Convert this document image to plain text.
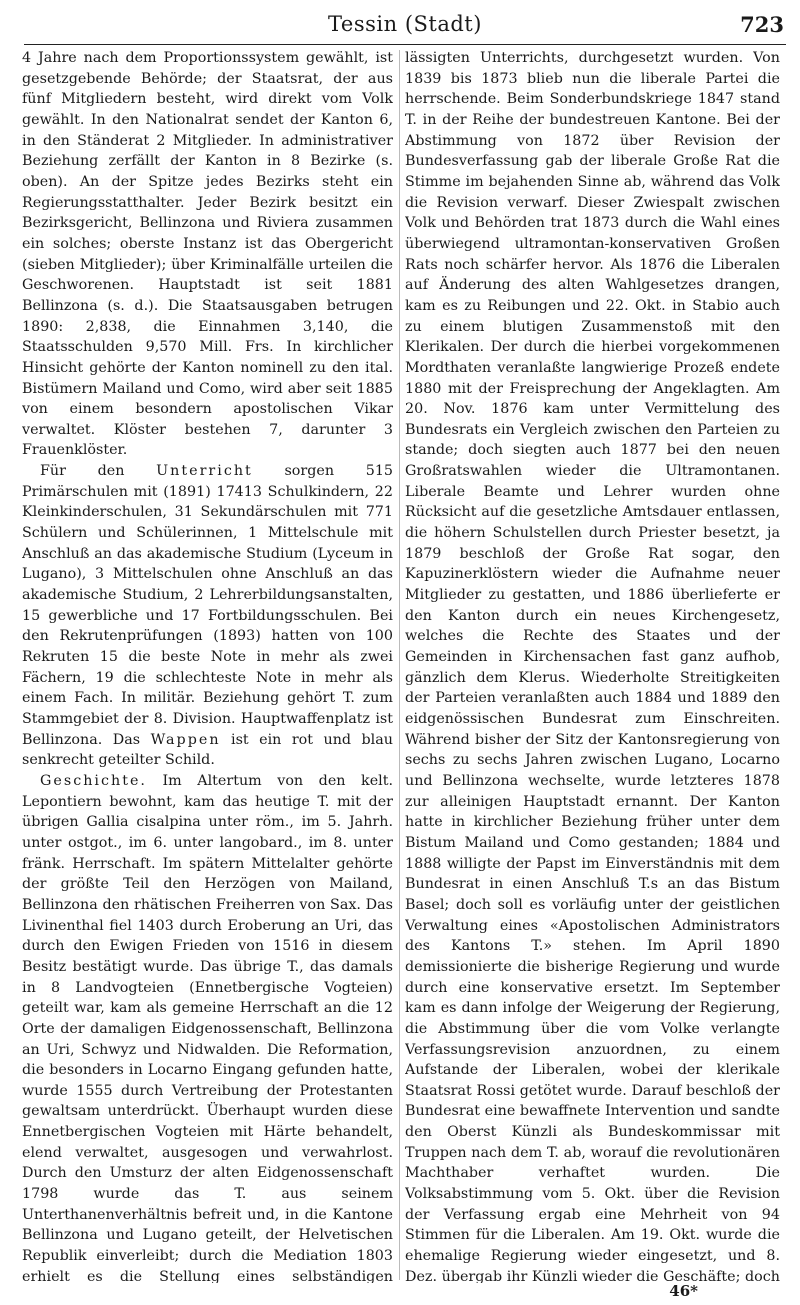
Tessin (Stadt)	723

4 Jahre nach dem Proportionssystem gewählt, ist gesetzgebende Behörde; der Staatsrat, der aus fünf Mitgliedern besteht, wird direkt vom Volk gewählt. In den Nationalrat sendet der Kanton 6, in den Ständerat 2 Mitglieder. In administrativer Beziehung zerfällt der Kanton in 8 Bezirke (s. oben). An der Spitze jedes Bezirks steht ein Regierungsstatthalter. Jeder Bezirk besitzt ein Bezirksgericht, Bellinzona und Riviera zusammen ein solches; oberste Instanz ist das Obergericht (sieben Mitglieder); über Kriminalfälle urteilen die Geschworenen. Hauptstadt ist seit 1881 Bellinzona (s. d.). Die Staatsausgaben betrugen 1890: 2,838, die Einnahmen 3,140, die Staatsschulden 9,570 Mill. Frs. In kirchlicher Hinsicht gehörte der Kanton nominell zu den ital. Bistümern Mailand und Como, wird aber seit 1885 von einem besondern apostolischen Vikar verwaltet. Klöster bestehen 7, darunter 3 Frauenklöster.

Für den Unterricht sorgen 515 Primärschulen mit (1891) 17413 Schulkindern, 22 Kleinkinderschulen, 31 Sekundärschulen mit 771 Schülern und Schülerinnen, 1 Mittelschule mit Anschluß an das akademische Studium (Lyceum in Lugano), 3 Mittelschulen ohne Anschluß an das akademische Studium, 2 Lehrerbildungsanstalten, 15 gewerbliche und 17 Fortbildungsschulen. Bei den Rekrutenprüfungen (1893) hatten von 100 Rekruten 15 die beste Note in mehr als zwei Fächern, 19 die schlechteste Note in mehr als einem Fach. In militär. Beziehung gehört T. zum Stammgebiet der 8. Division. Hauptwaffenplatz ist Bellinzona. Das Wappen ist ein rot und blau senkrecht geteilter Schild.

Geschichte. Im Altertum von den kelt. Lepontiern bewohnt, kam das heutige T. mit der übrigen Gallia cisalpina unter röm., im 5. Jahrh. unter ostgot., im 6. unter langobard., im 8. unter fränk. Herrschaft. Im spätern Mittelalter gehörte der größte Teil den Herzögen von Mailand, Bellinzona den rhätischen Freiherren von Sax. Das Livinenthal fiel 1403 durch Eroberung an Uri, das durch den Ewigen Frieden von 1516 in diesem Besitz bestätigt wurde. Das übrige T., das damals in 8 Landvogteien (Ennetbergische Vogteien) geteilt war, kam als gemeine Herrschaft an die 12 Orte der damaligen Eidgenossenschaft, Bellinzona an Uri, Schwyz und Nidwalden. Die Reformation, die besonders in Locarno Eingang gefunden hatte, wurde 1555 durch Vertreibung der Protestanten gewaltsam unterdrückt. Überhaupt wurden diese Ennetbergischen Vogteien mit Härte behandelt, elend verwaltet, ausgesogen und verwahrlost. Durch den Umsturz der alten Eidgenossenschaft 1798 wurde das T. aus seinem Unterthanenverhältnis befreit und, in die Kantone Bellinzona und Lugano geteilt, der Helvetischen Republik einverleibt; durch die Mediation 1803 erhielt es die Stellung eines selbständigen

lässigten Unterrichts, durchgesetzt wurden. Von 1839 bis 1873 blieb nun die liberale Partei die herrschende. Beim Sonderbundskriege 1847 stand T. in der Reihe der bundestreuen Kantone. Bei der Abstimmung von 1872 über Revision der Bundesverfassung gab der liberale Große Rat die Stimme im bejahenden Sinne ab, während das Volk die Revision verwarf. Dieser Zwiespalt zwischen Volk und Behörden trat 1873 durch die Wahl eines überwiegend ultramontan-konservativen Großen Rats noch schärfer hervor. Als 1876 die Liberalen auf Änderung des alten Wahlgesetzes drangen, kam es zu Reibungen und 22. Okt. in Stabio auch zu einem blutigen Zusammenstoß mit den Klerikalen. Der durch die hierbei vorgekommenen Mordthaten veranlaßte langwierige Prozeß endete 1880 mit der Freisprechung der Angeklagten. Am 20. Nov. 1876 kam unter Vermittelung des Bundesrats ein Vergleich zwischen den Parteien zu stande; doch siegten auch 1877 bei den neuen Großratswahlen wieder die Ultramontanen. Liberale Beamte und Lehrer wurden ohne Rücksicht auf die gesetzliche Amtsdauer entlassen, die höhern Schulstellen durch Priester besetzt, ja 1879 beschloß der Große Rat sogar, den Kapuzinerklöstern wieder die Aufnahme neuer Mitglieder zu gestatten, und 1886 überlieferte er den Kanton durch ein neues Kirchengesetz, welches die Rechte des Staates und der Gemeinden in Kirchensachen fast ganz aufhob, gänzlich dem Klerus. Wiederholte Streitigkeiten der Parteien veranlaßten auch 1884 und 1889 den eidgenössischen Bundesrat zum Einschreiten. Während bisher der Sitz der Kantonsregierung von sechs zu sechs Jahren zwischen Lugano, Locarno und Bellinzona wechselte, wurde letzteres 1878 zur alleinigen Hauptstadt ernannt. Der Kanton hatte in kirchlicher Beziehung früher unter dem Bistum Mailand und Como gestanden; 1884 und 1888 willigte der Papst im Einverständnis mit dem Bundesrat in einen Anschluß T.s an das Bistum Basel; doch soll es vorläufig unter der geistlichen Verwaltung eines «Apostolischen Administrators des Kantons T.» stehen. Im April 1890 demissionierte die bisherige Regierung und wurde durch eine konservative ersetzt. Im September kam es dann infolge der Weigerung der Regierung, die Abstimmung über die vom Volke verlangte Verfassungsrevision anzuordnen, zu einem Aufstande der Liberalen, wobei der klerikale Staatsrat Rossi getötet wurde. Darauf beschloß der Bundesrat eine bewaffnete Intervention und sandte den Oberst Künzli als Bundeskommissar mit Truppen nach dem T. ab, worauf die revolutionären Machthaber verhaftet wurden. Die Volksabstimmung vom 5. Okt. über die Revision der Verfassung ergab eine Mehrheit von 94 Stimmen für die Liberalen. Am 19. Okt. wurde die ehemalige Regierung wieder eingesetzt, und 8. Dez. übergab ihr Künzli wieder die Geschäfte; doch

46*
